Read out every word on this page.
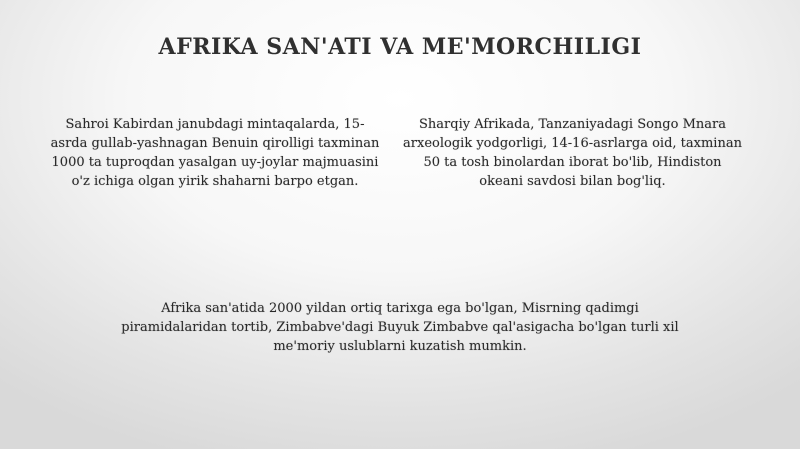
AFRIKA SAN'ATI VA ME'MORCHILIGI

Sahroi Kabirdan janubdagi mintaqalarda, 15-asrda gullab-yashnagan Benuin qirolligi taxminan 1000 ta tuproqdan yasalgan uy-joylar majmuasini o'z ichiga olgan yirik shaharni barpo etgan.

Sharqiy Afrikada, Tanzaniyadagi Songo Mnara arxeologik yodgorligi, 14-16-asrlarga oid, taxminan 50 ta tosh binolardan iborat bo'lib, Hindiston okeani savdosi bilan bog'liq.

Afrika san'atida 2000 yildan ortiq tarixga ega bo'lgan, Misrning qadimgi piramidalaridan tortib, Zimbabve'dagi Buyuk Zimbabve qal'asigacha bo'lgan turli xil me'moriy uslublarni kuzatish mumkin.
